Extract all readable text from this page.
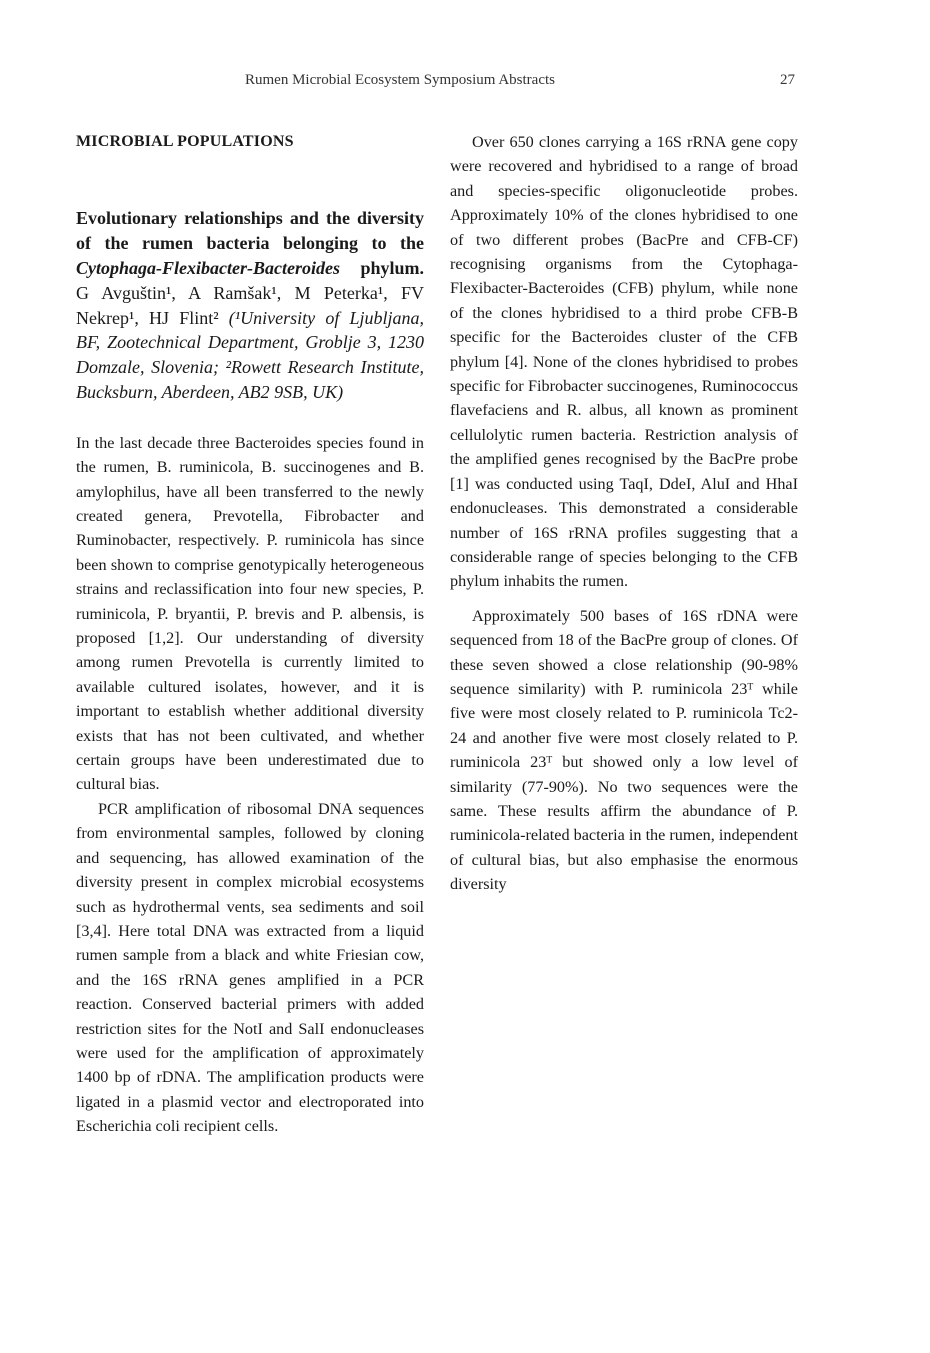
Rumen Microbial Ecosystem Symposium Abstracts	27
MICROBIAL POPULATIONS
Evolutionary relationships and the diversity of the rumen bacteria belonging to the Cytophaga-Flexibacter-Bacteroides phylum. G Avguštin¹, A Ramšak¹, M Peterka¹, FV Nekrep¹, HJ Flint² (¹University of Ljubljana, BF, Zootechnical Department, Groblje 3, 1230 Domzale, Slovenia; ²Rowett Research Institute, Bucksburn, Aberdeen, AB2 9SB, UK)

In the last decade three Bacteroides species found in the rumen, B. ruminicola, B. succinogenes and B. amylophilus, have all been transferred to the newly created genera, Prevotella, Fibrobacter and Ruminobacter, respectively. P. ruminicola has since been shown to comprise genotypically heterogeneous strains and reclassification into four new species, P. ruminicola, P. bryantii, P. brevis and P. albensis, is proposed [1,2]. Our understanding of diversity among rumen Prevotella is currently limited to available cultured isolates, however, and it is important to establish whether additional diversity exists that has not been cultivated, and whether certain groups have been underestimated due to cultural bias.

PCR amplification of ribosomal DNA sequences from environmental samples, followed by cloning and sequencing, has allowed examination of the diversity present in complex microbial ecosystems such as hydrothermal vents, sea sediments and soil [3,4]. Here total DNA was extracted from a liquid rumen sample from a black and white Friesian cow, and the 16S rRNA genes amplified in a PCR reaction. Conserved bacterial primers with added restriction sites for the NotI and SalI endonucleases were used for the amplification of approximately 1400 bp of rDNA. The amplification products were ligated in a plasmid vector and electroporated into Escherichia coli recipient cells.

Over 650 clones carrying a 16S rRNA gene copy were recovered and hybridised to a range of broad and species-specific oligonucleotide probes. Approximately 10% of the clones hybridised to one of two different probes (BacPre and CFB-CF) recognising organisms from the Cytophaga-Flexibacter-Bacteroides (CFB) phylum, while none of the clones hybridised to a third probe CFB-B specific for the Bacteroides cluster of the CFB phylum [4]. None of the clones hybridised to probes specific for Fibrobacter succinogenes, Ruminococcus flavefaciens and R. albus, all known as prominent cellulolytic rumen bacteria. Restriction analysis of the amplified genes recognised by the BacPre probe [1] was conducted using TaqI, DdeI, AluI and HhaI endonucleases. This demonstrated a considerable number of 16S rRNA profiles suggesting that a considerable range of species belonging to the CFB phylum inhabits the rumen.

Approximately 500 bases of 16S rDNA were sequenced from 18 of the BacPre group of clones. Of these seven showed a close relationship (90-98% sequence similarity) with P. ruminicola 23ᵀ while five were most closely related to P. ruminicola Tc2-24 and another five were most closely related to P. ruminicola 23ᵀ but showed only a low level of similarity (77-90%). No two sequences were the same. These results affirm the abundance of P. ruminicola-related bacteria in the rumen, independent of cultural bias, but also emphasise the enormous diversity
